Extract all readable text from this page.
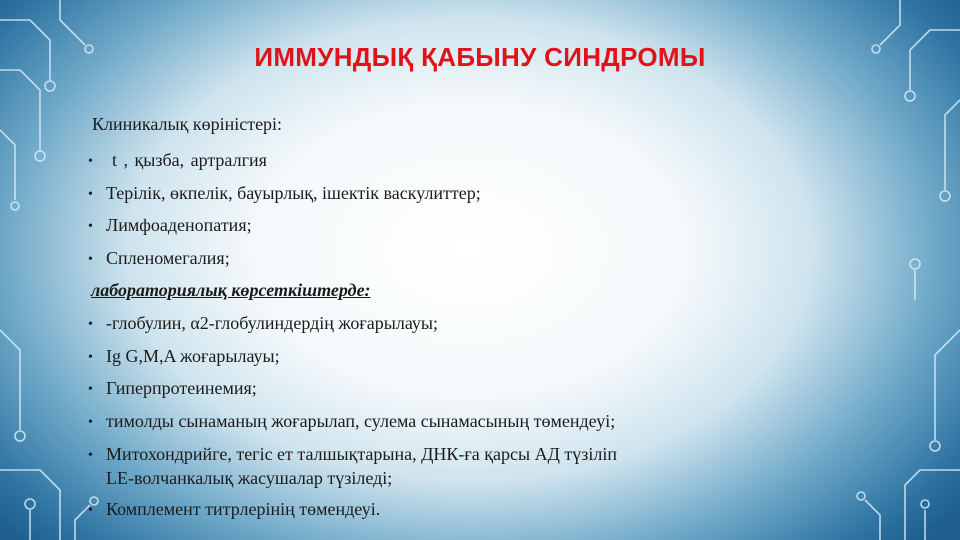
ИММУНДЫҚ ҚАБЫНУ СИНДРОМЫ
Клиникалық көріністері:
• t , қызба, артралгия
• Терілік, өкпелік, бауырлық, ішектік васкулиттер;
• Лимфоаденопатия;
• Спленомегалия;
лабораториялық көрсеткіштерде:
• -глобулин, α2-глобулиндердің жоғарылауы;
• Ig G,M,A жоғарылауы;
• Гиперпротеинемия;
• тимолды сынаманың жоғарылап, сулема сынамасының төмендеуі;
• Митохондрийге, тегіс ет талшықтарына, ДНК-ға қарсы АД түзіліп
LE-волчанкалық жасушалар түзіледі;
• Комплемент титрлерінің төмендеуі.
